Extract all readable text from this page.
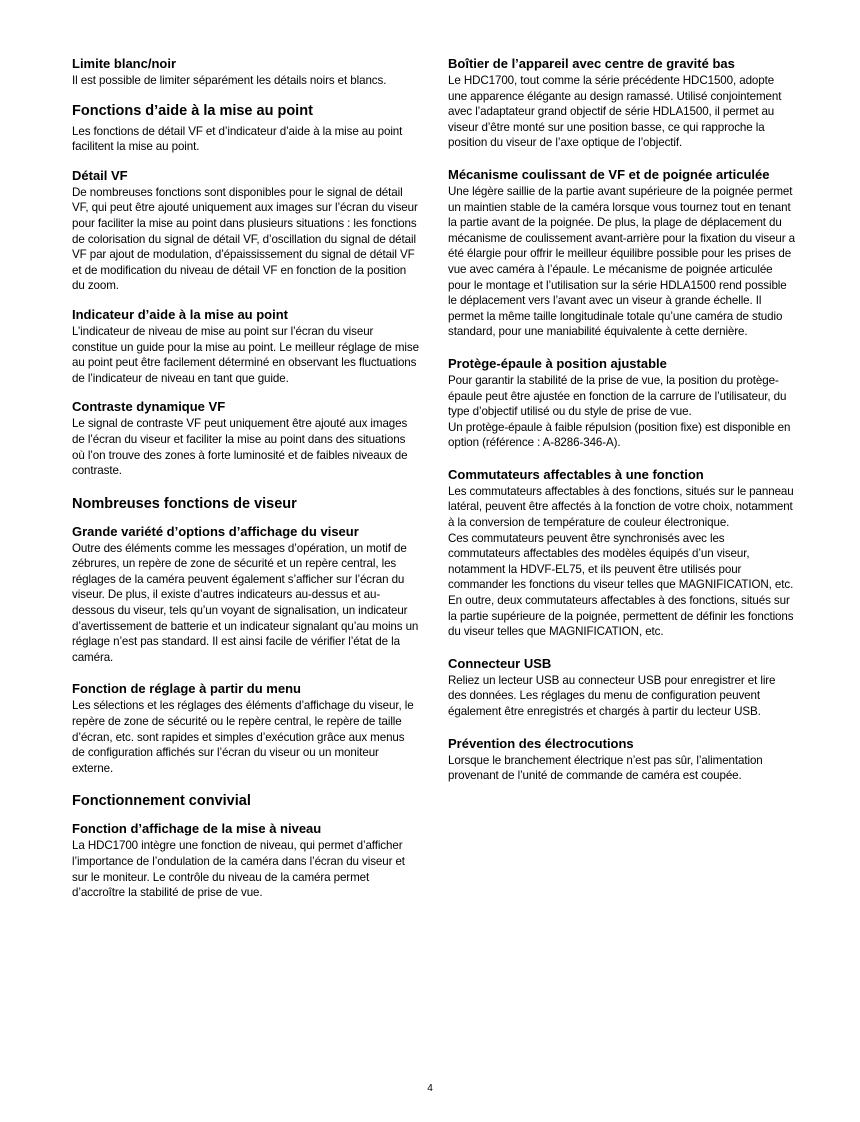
Limite blanc/noir

Il est possible de limiter séparément les détails noirs et blancs.

Fonctions d’aide à la mise au point

Les fonctions de détail VF et d’indicateur d’aide à la mise au point facilitent la mise au point.

Détail VF

De nombreuses fonctions sont disponibles pour le signal de détail VF, qui peut être ajouté uniquement aux images sur l’écran du viseur pour faciliter la mise au point dans plusieurs situations : les fonctions de colorisation du signal de détail VF, d’oscillation du signal de détail VF par ajout de modulation, d’épaississement du signal de détail VF et de modification du niveau de détail VF en fonction de la position du zoom.

Indicateur d’aide à la mise au point

L’indicateur de niveau de mise au point sur l’écran du viseur constitue un guide pour la mise au point. Le meilleur réglage de mise au point peut être facilement déterminé en observant les fluctuations de l’indicateur de niveau en tant que guide.

Contraste dynamique VF

Le signal de contraste VF peut uniquement être ajouté aux images de l’écran du viseur et faciliter la mise au point dans des situations où l’on trouve des zones à forte luminosité et de faibles niveaux de contraste.

Nombreuses fonctions de viseur
Grande variété d’options d’affichage du viseur

Outre des éléments comme les messages d’opération, un motif de zébrures, un repère de zone de sécurité et un repère central, les réglages de la caméra peuvent également s’afficher sur l’écran du viseur. De plus, il existe d’autres indicateurs au-dessus et au-dessous du viseur, tels qu’un voyant de signalisation, un indicateur d’avertissement de batterie et un indicateur signalant qu’au moins un réglage n’est pas standard. Il est ainsi facile de vérifier l’état de la caméra.

Fonction de réglage à partir du menu

Les sélections et les réglages des éléments d’affichage du viseur, le repère de zone de sécurité ou le repère central, le repère de taille d’écran, etc. sont rapides et simples d’exécution grâce aux menus de configuration affichés sur l’écran du viseur ou un moniteur externe.

Fonctionnement convivial
Fonction d’affichage de la mise à niveau

La HDC1700 intègre une fonction de niveau, qui permet d’afficher l’importance de l’ondulation de la caméra dans l’écran du viseur et sur le moniteur. Le contrôle du niveau de la caméra permet d’accroître la stabilité de prise de vue.

Boîtier de l’appareil avec centre de gravité bas

Le HDC1700, tout comme la série précédente HDC1500, adopte une apparence élégante au design ramassé. Utilisé conjointement avec l’adaptateur grand objectif de série HDLA1500, il permet au viseur d’être monté sur une position basse, ce qui rapproche la position du viseur de l’axe optique de l’objectif.

Mécanisme coulissant de VF et de poignée articulée

Une légère saillie de la partie avant supérieure de la poignée permet un maintien stable de la caméra lorsque vous tournez tout en tenant la partie avant de la poignée. De plus, la plage de déplacement du mécanisme de coulissement avant-arrière pour la fixation du viseur a été élargie pour offrir le meilleur équilibre possible pour les prises de vue avec caméra à l’épaule. Le mécanisme de poignée articulée pour le montage et l’utilisation sur la série HDLA1500 rend possible le déplacement vers l’avant avec un viseur à grande échelle. Il permet la même taille longitudinale totale qu’une caméra de studio standard, pour une maniabilité équivalente à cette dernière.

Protège-épaule à position ajustable

Pour garantir la stabilité de la prise de vue, la position du protège-épaule peut être ajustée en fonction de la carrure de l’utilisateur, du type d’objectif utilisé ou du style de prise de vue.

Un protège-épaule à faible répulsion (position fixe) est disponible en option (référence : A-8286-346-A).

Commutateurs affectables à une fonction

Les commutateurs affectables à des fonctions, situés sur le panneau latéral, peuvent être affectés à la fonction de votre choix, notamment à la conversion de température de couleur électronique.

Ces commutateurs peuvent être synchronisés avec les commutateurs affectables des modèles équipés d’un viseur, notamment la HDVF-EL75, et ils peuvent être utilisés pour commander les fonctions du viseur telles que MAGNIFICATION, etc.

En outre, deux commutateurs affectables à des fonctions, situés sur la partie supérieure de la poignée, permettent de définir les fonctions du viseur telles que MAGNIFICATION, etc.

Connecteur USB

Reliez un lecteur USB au connecteur USB pour enregistrer et lire des données. Les réglages du menu de configuration peuvent également être enregistrés et chargés à partir du lecteur USB.

Prévention des électrocutions

Lorsque le branchement électrique n’est pas sûr, l’alimentation provenant de l’unité de commande de caméra est coupée.

4
